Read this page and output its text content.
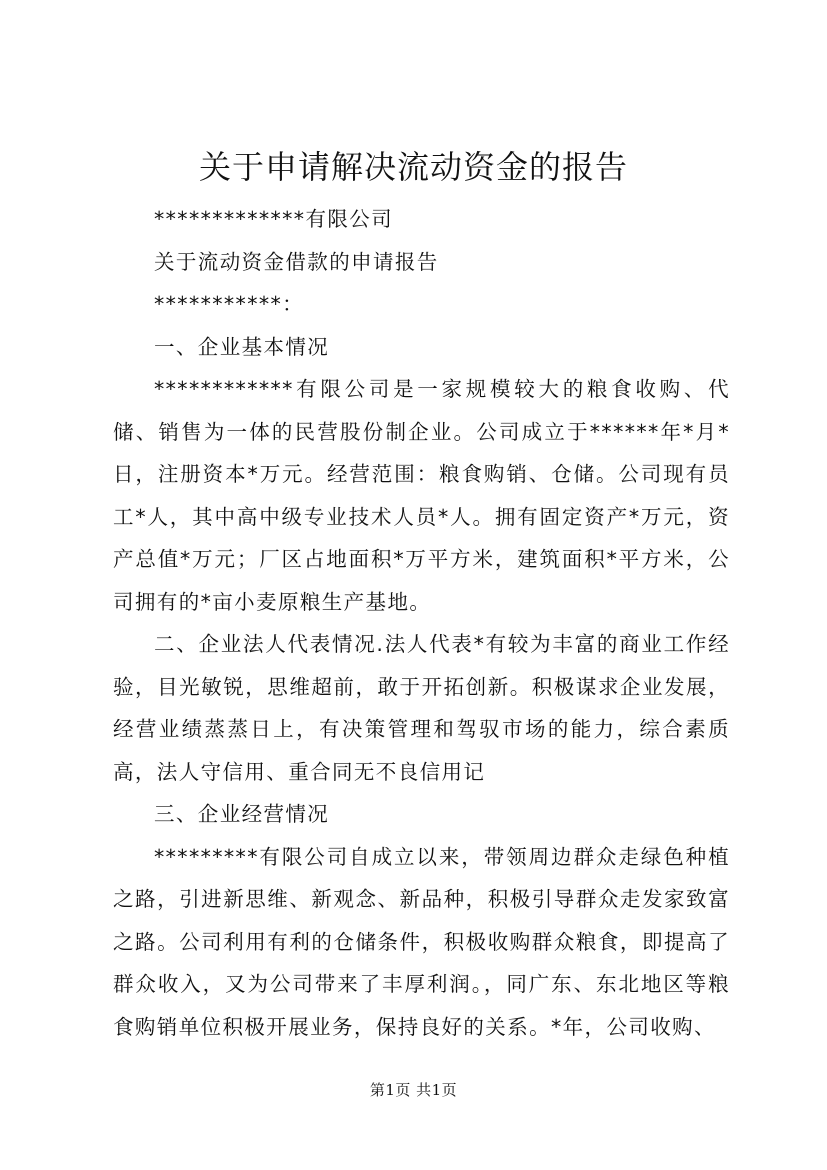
关于申请解决流动资金的报告

*************有限公司

关于流动资金借款的申请报告

***********：

一、企业基本情况

************有限公司是一家规模较大的粮食收购、代储、销售为一体的民营股份制企业。公司成立于******年*月*日，注册资本*万元。经营范围：粮食购销、仓储。公司现有员工*人，其中高中级专业技术人员*人。拥有固定资产*万元，资产总值*万元；厂区占地面积*万平方米，建筑面积*平方米，公司拥有的*亩小麦原粮生产基地。

二、企业法人代表情况.法人代表*有较为丰富的商业工作经验，目光敏锐，思维超前，敢于开拓创新。积极谋求企业发展，经营业绩蒸蒸日上，有决策管理和驾驭市场的能力，综合素质高，法人守信用、重合同无不良信用记

三、企业经营情况

*********有限公司自成立以来，带领周边群众走绿色种植之路，引进新思维、新观念、新品种，积极引导群众走发家致富之路。公司利用有利的仓储条件，积极收购群众粮食，即提高了群众收入，又为公司带来了丰厚利润。，同广东、东北地区等粮食购销单位积极开展业务，保持良好的关系。*年，公司收购、

第1页 共1页
